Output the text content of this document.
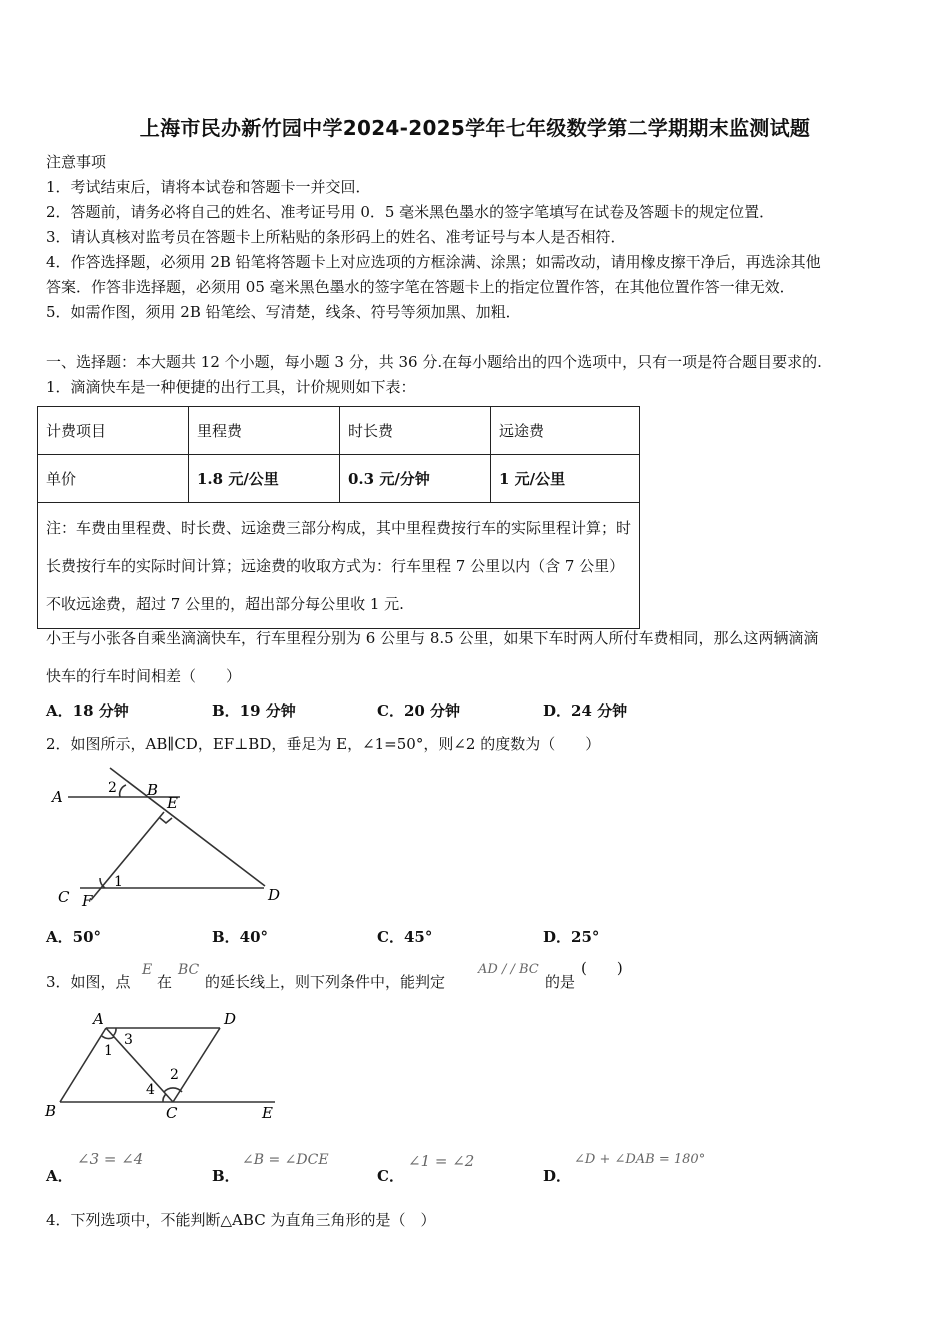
上海市民办新竹园中学2024-2025学年七年级数学第二学期期末监测试题
注意事项
1．考试结束后，请将本试卷和答题卡一并交回．
2．答题前，请务必将自己的姓名、准考证号用 0．5 毫米黑色墨水的签字笔填写在试卷及答题卡的规定位置．
3．请认真核对监考员在答题卡上所粘贴的条形码上的姓名、准考证号与本人是否相符．
4．作答选择题，必须用 2B 铅笔将答题卡上对应选项的方框涂满、涂黑；如需改动，请用橡皮擦干净后，再选涂其他
答案．作答非选择题，必须用 05 毫米黑色墨水的签字笔在答题卡上的指定位置作答，在其他位置作答一律无效．
5．如需作图，须用 2B 铅笔绘、写清楚，线条、符号等须加黑、加粗．
一、选择题：本大题共 12 个小题，每小题 3 分，共 36 分.在每小题给出的四个选项中，只有一项是符合题目要求的.
1．滴滴快车是一种便捷的出行工具，计价规则如下表：
计费项目	里程费	时长费	远途费
单价	1.8 元/公里	0.3 元/分钟	1 元/公里
注：车费由里程费、时长费、远途费三部分构成，其中里程费按行车的实际里程计算；时长费按行车的实际时间计算；远途费的收取方式为：行车里程 7 公里以内（含 7 公里）不收远途费，超过 7 公里的，超出部分每公里收 1 元.			
小王与小张各自乘坐滴滴快车，行车里程分别为 6 公里与 8.5 公里，如果下车时两人所付车费相同，那么这两辆滴滴
快车的行车时间相差（　　）
A．18 分钟	B．19 分钟	C．20 分钟	D．24 分钟
2．如图所示，AB∥CD，EF⊥BD，垂足为 E，∠1=50°，则∠2 的度数为（　　）
A	B
E
C F	D
2
1
A．50°	B．40°	C．45°	D．25°
3．如图，点
E
在
BC
的延长线上，则下列条件中，能判定
AD / / BC
的是
(　　)
A	D
B	C	E
1
3
2
4
A．
∠3 = ∠4
B．
∠B = ∠DCE
C．
∠1 = ∠2
D．
∠D + ∠DAB = 180°
4．下列选项中，不能判断△ABC 为直角三角形的是（　）
